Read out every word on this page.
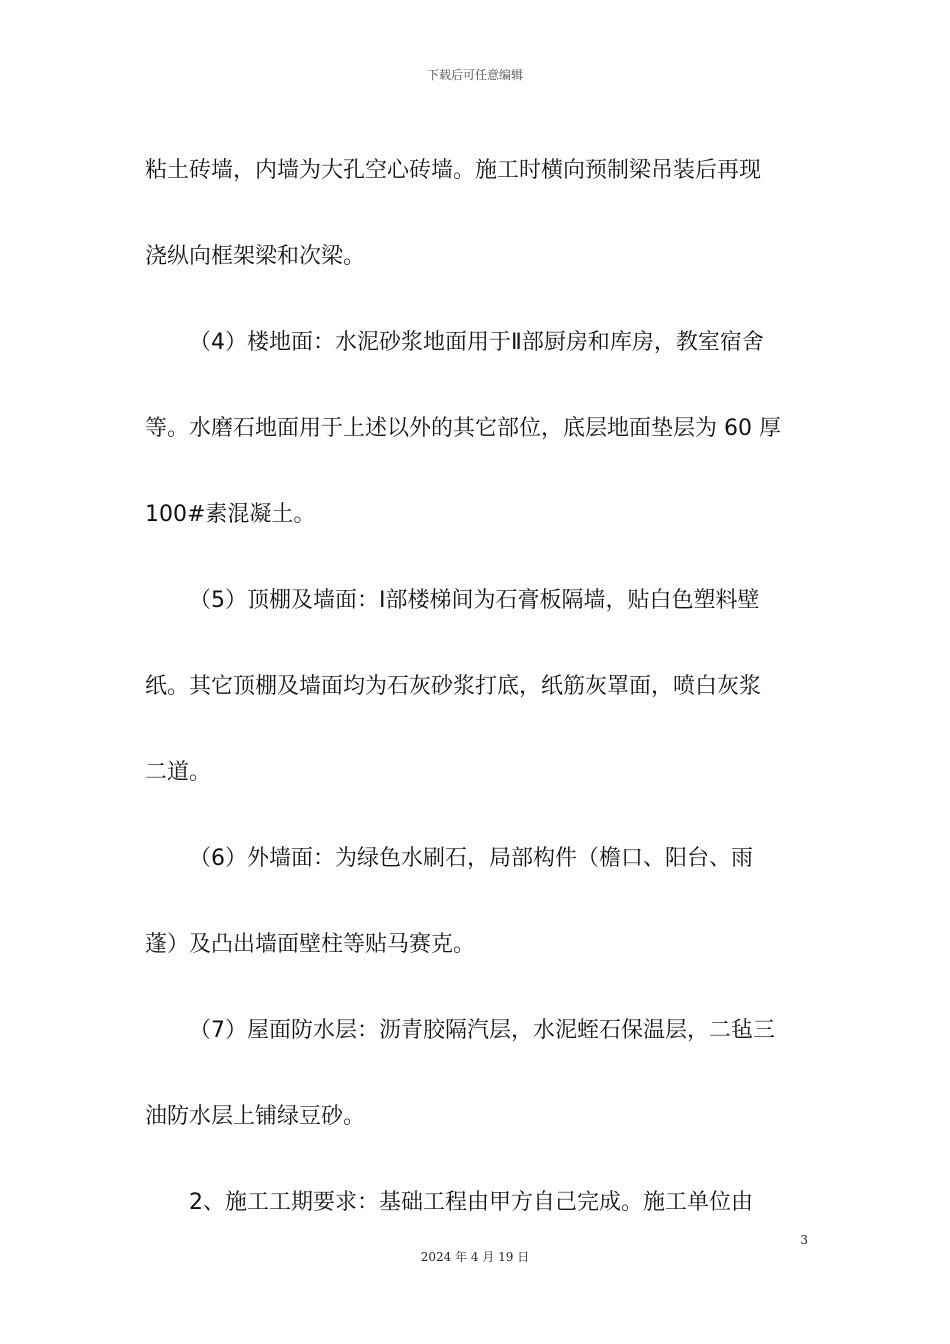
下载后可任意编辑
粘土砖墙，内墙为大孔空心砖墙。施工时横向预制梁吊装后再现
浇纵向框架梁和次梁。
（4）楼地面：水泥砂浆地面用于Ⅱ部厨房和库房，教室宿舍
等。水磨石地面用于上述以外的其它部位，底层地面垫层为 60 厚
100#素混凝土。
（5）顶棚及墙面：Ⅰ部楼梯间为石膏板隔墙，贴白色塑料壁
纸。其它顶棚及墙面均为石灰砂浆打底，纸筋灰罩面，喷白灰浆
二道。
（6）外墙面：为绿色水刷石，局部构件（檐口、阳台、雨
蓬）及凸出墙面壁柱等贴马赛克。
（7）屋面防水层：沥青胶隔汽层，水泥蛭石保温层，二毡三
油防水层上铺绿豆砂。
2、施工工期要求：基础工程由甲方自己完成。施工单位由
3
2024 年 4 月 19 日
